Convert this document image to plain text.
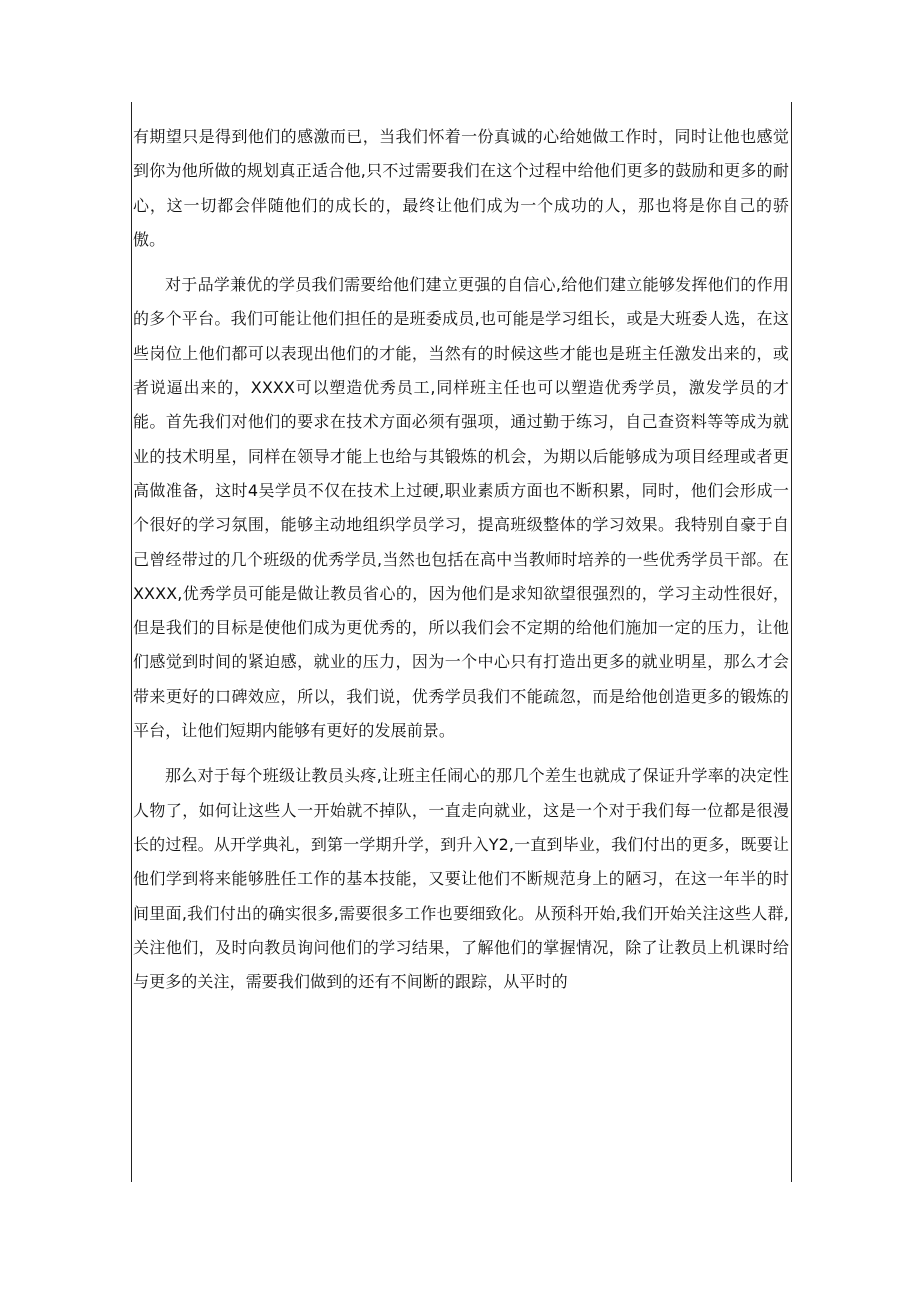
有期望只是得到他们的感激而已，当我们怀着一份真诚的心给她做工作时，同时让他也感觉到你为他所做的规划真正适合他,只不过需要我们在这个过程中给他们更多的鼓励和更多的耐心，这一切都会伴随他们的成长的，最终让他们成为一个成功的人，那也将是你自己的骄傲。

对于品学兼优的学员我们需要给他们建立更强的自信心,给他们建立能够发挥他们的作用的多个平台。我们可能让他们担任的是班委成员,也可能是学习组长，或是大班委人选，在这些岗位上他们都可以表现出他们的才能，当然有的时候这些才能也是班主任激发出来的，或者说逼出来的，XXXX可以塑造优秀员工,同样班主任也可以塑造优秀学员，激发学员的才能。首先我们对他们的要求在技术方面必须有强项，通过勤于练习，自己查资料等等成为就业的技术明星，同样在领导才能上也给与其锻炼的机会，为期以后能够成为项目经理或者更高做准备，这时4吴学员不仅在技术上过硬,职业素质方面也不断积累，同时，他们会形成一个很好的学习氛围，能够主动地组织学员学习，提高班级整体的学习效果。我特别自豪于自己曾经带过的几个班级的优秀学员,当然也包括在高中当教师时培养的一些优秀学员干部。在XXXX,优秀学员可能是做让教员省心的，因为他们是求知欲望很强烈的，学习主动性很好，但是我们的目标是使他们成为更优秀的，所以我们会不定期的给他们施加一定的压力，让他们感觉到时间的紧迫感，就业的压力，因为一个中心只有打造出更多的就业明星，那么才会带来更好的口碑效应，所以，我们说，优秀学员我们不能疏忽，而是给他创造更多的锻炼的平台，让他们短期内能够有更好的发展前景。

那么对于每个班级让教员头疼,让班主任闹心的那几个差生也就成了保证升学率的决定性人物了，如何让这些人一开始就不掉队，一直走向就业，这是一个对于我们每一位都是很漫长的过程。从开学典礼，到第一学期升学，到升入Y2,一直到毕业，我们付出的更多，既要让他们学到将来能够胜任工作的基本技能，又要让他们不断规范身上的陋习，在这一年半的时间里面,我们付出的确实很多,需要很多工作也要细致化。从预科开始,我们开始关注这些人群,关注他们，及时向教员询问他们的学习结果，了解他们的掌握情况，除了让教员上机课时给与更多的关注，需要我们做到的还有不间断的跟踪，从平时的
